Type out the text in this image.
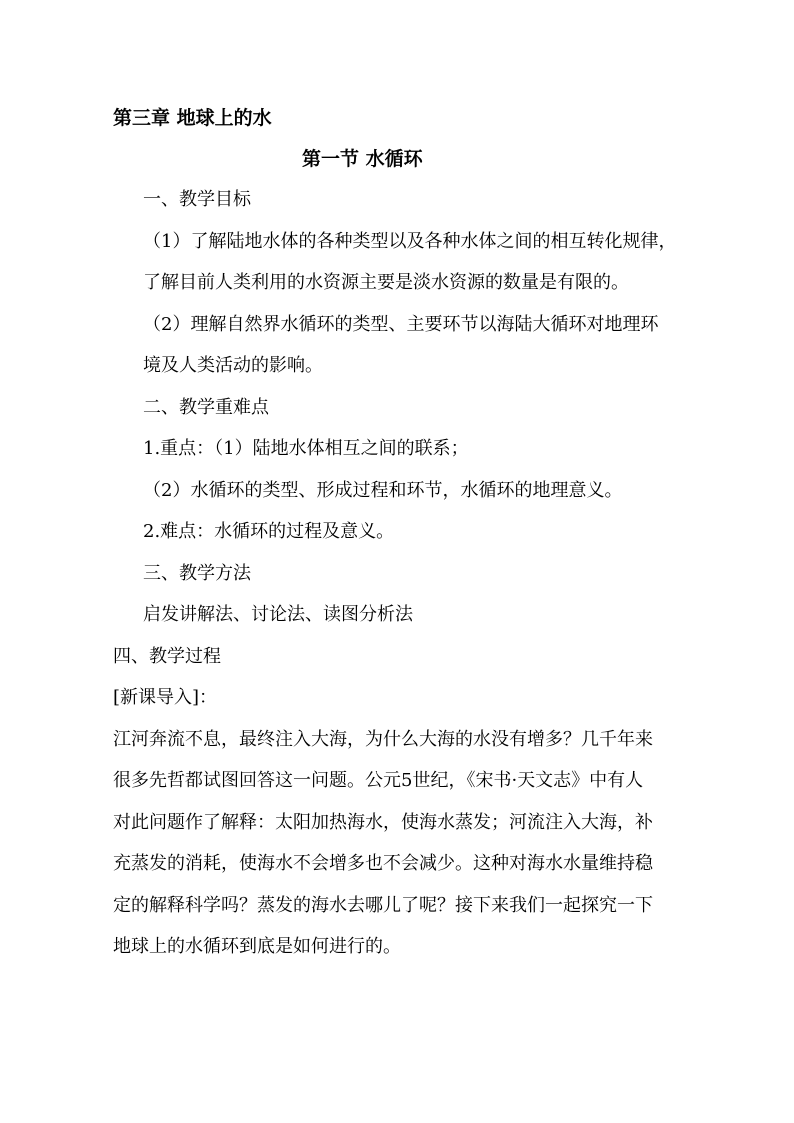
第三章 地球上的水
第一节 水循环
一、教学目标
（1）了解陆地水体的各种类型以及各种水体之间的相互转化规律，
了解目前人类利用的水资源主要是淡水资源的数量是有限的。
（2）理解自然界水循环的类型、主要环节以海陆大循环对地理环
境及人类活动的影响。
二、教学重难点
1.重点：（1）陆地水体相互之间的联系；
（2）水循环的类型、形成过程和环节，水循环的地理意义。
2.难点：水循环的过程及意义。
三、教学方法
启发讲解法、讨论法、读图分析法
四、教学过程
[新课导入]：
江河奔流不息，最终注入大海，为什么大海的水没有增多？几千年来
很多先哲都试图回答这一问题。公元5世纪，《宋书·天文志》中有人
对此问题作了解释：太阳加热海水，使海水蒸发；河流注入大海，补
充蒸发的消耗，使海水不会增多也不会减少。这种对海水水量维持稳
定的解释科学吗？蒸发的海水去哪儿了呢？接下来我们一起探究一下
地球上的水循环到底是如何进行的。
